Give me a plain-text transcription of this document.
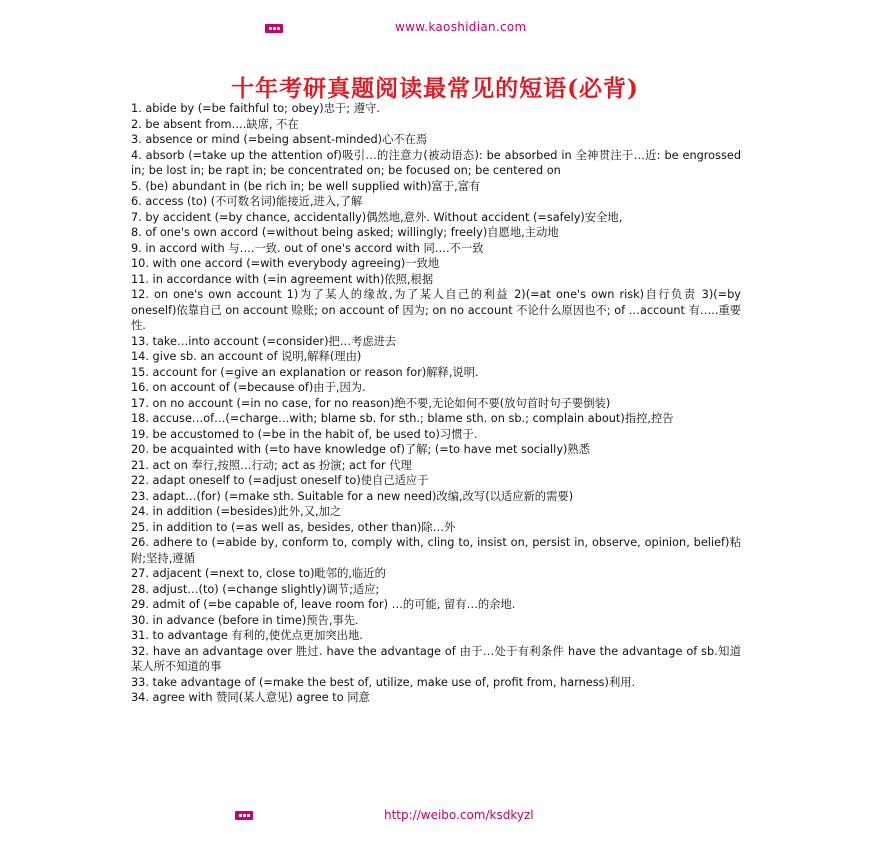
www.kaoshidian.com
十年考研真题阅读最常见的短语(必背)
1. abide by (=be faithful to; obey)忠于; 遵守.
2. be absent from….缺席, 不在
3. absence or mind (=being absent-minded)心不在焉
4. absorb (=take up the attention of)吸引…的注意力(被动语态): be absorbed in 全神贯注于…近: be engrossed in; be lost in; be rapt in; be concentrated on; be focused on; be centered on
5. (be) abundant in (be rich in; be well supplied with)富于,富有
6. access (to) (不可数名词)能接近,进入,了解
7. by accident (=by chance, accidentally)偶然地,意外. Without accident (=safely)安全地,
8. of one's own accord (=without being asked; willingly; freely)自愿地,主动地
9. in accord with 与….一致. out of one's accord with 同….不一致
10. with one accord (=with everybody agreeing)一致地
11. in accordance with (=in agreement with)依照,根据
12. on one's own account 1)为了某人的缘故,为了某人自己的利益 2)(=at one's own risk)自行负责 3)(=by oneself)依靠自己 on account 赊账; on account of 因为; on no account 不论什么原因也不; of …account 有…..重要性.
13. take…into account (=consider)把…考虑进去
14. give sb. an account of 说明,解释(理由)
15. account for (=give an explanation or reason for)解释,说明.
16. on account of (=because of)由于,因为.
17. on no account (=in no case, for no reason)绝不要,无论如何不要(放句首时句子要倒装)
18. accuse…of…(=charge…with; blame sb. for sth.; blame sth. on sb.; complain about)指控,控告
19. be accustomed to (=be in the habit of, be used to)习惯于.
20. be acquainted with (=to have knowledge of)了解; (=to have met socially)熟悉
21. act on 奉行,按照…行动; act as 扮演; act for 代理
22. adapt oneself to (=adjust oneself to)使自己适应于
23. adapt…(for) (=make sth. Suitable for a new need)改编,改写(以适应新的需要)
24. in addition (=besides)此外,又,加之
25. in addition to (=as well as, besides, other than)除…外
26. adhere to (=abide by, conform to, comply with, cling to, insist on, persist in, observe, opinion, belief)粘附;坚持,遵循
27. adjacent (=next to, close to)毗邻的,临近的
28. adjust…(to) (=change slightly)调节;适应;
29. admit of (=be capable of, leave room for) …的可能, 留有…的余地.
30. in advance (before in time)预告,事先.
31. to advantage 有利的,使优点更加突出地.
32. have an advantage over 胜过. have the advantage of 由于…处于有利条件 have the advantage of sb.知道某人所不知道的事
33. take advantage of (=make the best of, utilize, make use of, profit from, harness)利用.
34. agree with 赞同(某人意见) agree to 同意
http://weibo.com/ksdkyzl
